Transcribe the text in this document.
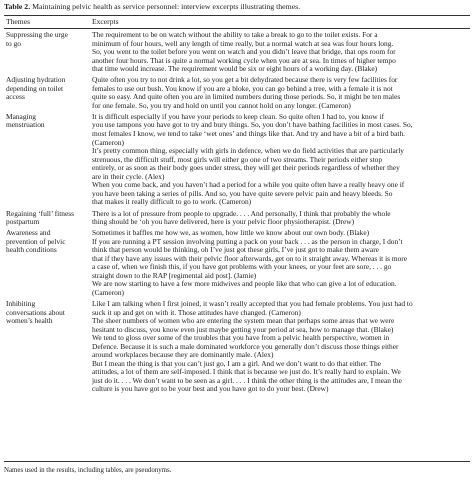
Table 2. Maintaining pelvic health as service personnel: interview excerpts illustrating themes.
Themes	Excerpts
Suppressing the urge
to go
The requirement to be on watch without the ability to take a break to go to the toilet exists. For a
minimum of four hours, well any length of time really, but a normal watch at sea was four hours long.
So, you went to the toilet before you went on watch and you didn’t leave that bridge, that ops room for
another four hours. That is quite a normal working cycle when you are at sea. In times of higher tempo
that time would increase. The requirement would be six or eight hours of a working day. (Blake)
Adjusting hydration
depending on toilet
access
Quite often you try to not drink a lot, so you get a bit dehydrated because there is very few facilities for
females to use out bush. You know if you are a bloke, you can go behind a tree, with a female it is not
quite so easy. And quite often you are in limited numbers during those periods. So, it might be ten males
for one female. So, you try and hold on until you cannot hold on any longer. (Cameron)
Managing
menstruation
It is difficult especially if you have your periods to keep clean. So quite often I had to, you know if
you use tampons you have got to try and bury things. So, you don’t have bathing facilities in most cases. So,
most females I know, we tend to take ‘wet ones’ and things like that. And try and have a bit of a bird bath.
(Cameron)
It’s pretty common thing, especially with girls in defence, when we do field activities that are particularly
strenuous, the difficult stuff, most girls will either go one of two streams. Their periods either stop
entirely, or as soon as their body goes under stress, they will get their periods regardless of whether they
are in their cycle. (Alex)
When you come back, and you haven’t had a period for a while you quite often have a really heavy one if
you have been taking a series of pills. And so, you have quite severe pelvic pain and heavy bleeds. So
that makes it really difficult to go to work. (Cameron)
Regaining ‘full’ fitness
postpartum
There is a lot of pressure from people to upgrade. . . . And personally, I think that probably the whole
thing should be ‘oh you have delivered, here is your pelvic floor physiotherapist. (Drew)
Awareness and
prevention of pelvic
health conditions
Sometimes it baffles me how we, as women, how little we know about our own body. (Blake)
If you are running a PT session involving putting a pack on your back . . . as the person in charge, I don’t
think that person would be thinking, oh I’ve just got these girls, I’ve just got to make them aware
that if they have any issues with their pelvic floor afterwards, get on to it straight away. Whereas it is more
a case of, when we finish this, if you have got problems with your knees, or your feet are sore, . . . go
straight down to the RAP [regimental aid post]. (Jamie)
We are now starting to have a few more midwives and people like that who can give a lot of education.
(Cameron)
Inhibiting
conversations about
women’s health
Like I am talking when I first joined, it wasn’t really accepted that you had female problems. You just had to
suck it up and get on with it. Those attitudes have changed. (Cameron)
The sheer numbers of women who are entering the system mean that perhaps some areas that we were
hesitant to discuss, you know even just maybe getting your period at sea, how to manage that. (Blake)
We tend to gloss over some of the troubles that you have from a pelvic health perspective, women in
Defence. Because it is such a male dominated workforce you generally don’t discuss those things either
around workplaces because they are dominantly male. (Alex)
But I mean the thing is that you can’t just go, I am a girl. And we don’t want to do that either. The
attitudes, a lot of them are self-imposed. I think that is because we just do. It’s really hard to explain. We
just do it. . . . We don’t want to be seen as a girl. . . . I think the other thing is the attitudes are, I mean the
culture is you have got to be your best and you have got to do your best. (Drew)
Names used in the results, including tables, are pseudonyms.
